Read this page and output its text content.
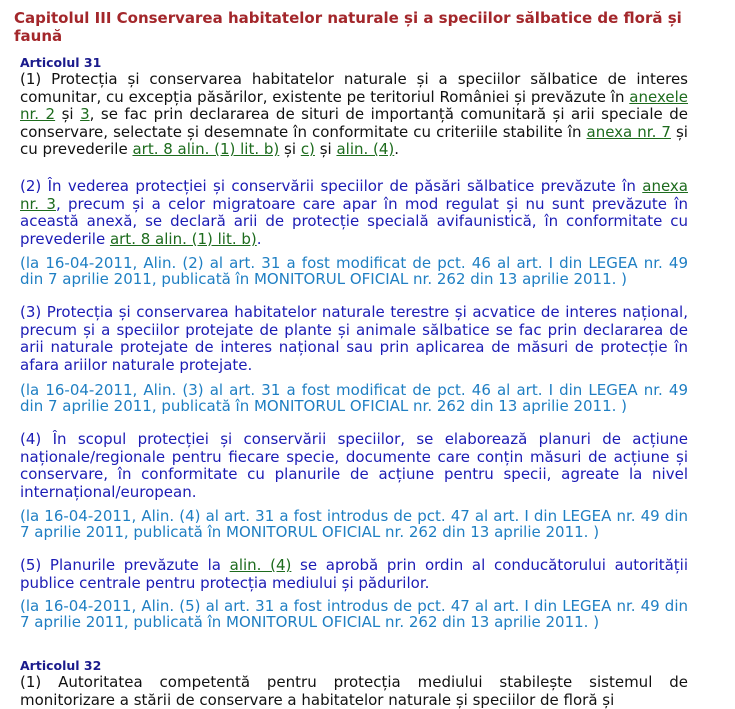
Capitolul III Conservarea habitatelor naturale și a speciilor sălbatice de floră și faună
Articolul 31
(1) Protecția și conservarea habitatelor naturale și a speciilor sălbatice de interes comunitar, cu excepția păsărilor, existente pe teritoriul României și prevăzute în anexele nr. 2 și 3, se fac prin declararea de situri de importanță comunitară și arii speciale de conservare, selectate și desemnate în conformitate cu criteriile stabilite în anexa nr. 7 și cu prevederile art. 8 alin. (1) lit. b) și c) și alin. (4).
(2) În vederea protecției și conservării speciilor de păsări sălbatice prevăzute în anexa nr. 3, precum și a celor migratoare care apar în mod regulat și nu sunt prevăzute în această anexă, se declară arii de protecție specială avifaunistică, în conformitate cu prevederile art. 8 alin. (1) lit. b).
(la 16-04-2011, Alin. (2) al art. 31 a fost modificat de pct. 46 al art. I din LEGEA nr. 49 din 7 aprilie 2011, publicată în MONITORUL OFICIAL nr. 262 din 13 aprilie 2011. )
(3) Protecția și conservarea habitatelor naturale terestre și acvatice de interes național, precum și a speciilor protejate de plante și animale sălbatice se fac prin declararea de arii naturale protejate de interes național sau prin aplicarea de măsuri de protecție în afara ariilor naturale protejate.
(la 16-04-2011, Alin. (3) al art. 31 a fost modificat de pct. 46 al art. I din LEGEA nr. 49 din 7 aprilie 2011, publicată în MONITORUL OFICIAL nr. 262 din 13 aprilie 2011. )
(4) În scopul protecției și conservării speciilor, se elaborează planuri de acțiune naționale/regionale pentru fiecare specie, documente care conțin măsuri de acțiune și conservare, în conformitate cu planurile de acțiune pentru specii, agreate la nivel internațional/european.
(la 16-04-2011, Alin. (4) al art. 31 a fost introdus de pct. 47 al art. I din LEGEA nr. 49 din 7 aprilie 2011, publicată în MONITORUL OFICIAL nr. 262 din 13 aprilie 2011. )
(5) Planurile prevăzute la alin. (4) se aprobă prin ordin al conducătorului autorității publice centrale pentru protecția mediului și pădurilor.
(la 16-04-2011, Alin. (5) al art. 31 a fost introdus de pct. 47 al art. I din LEGEA nr. 49 din 7 aprilie 2011, publicată în MONITORUL OFICIAL nr. 262 din 13 aprilie 2011. )
Articolul 32
(1) Autoritatea competentă pentru protecția mediului stabilește sistemul de monitorizare a stării de conservare a habitatelor naturale și speciilor de floră și
